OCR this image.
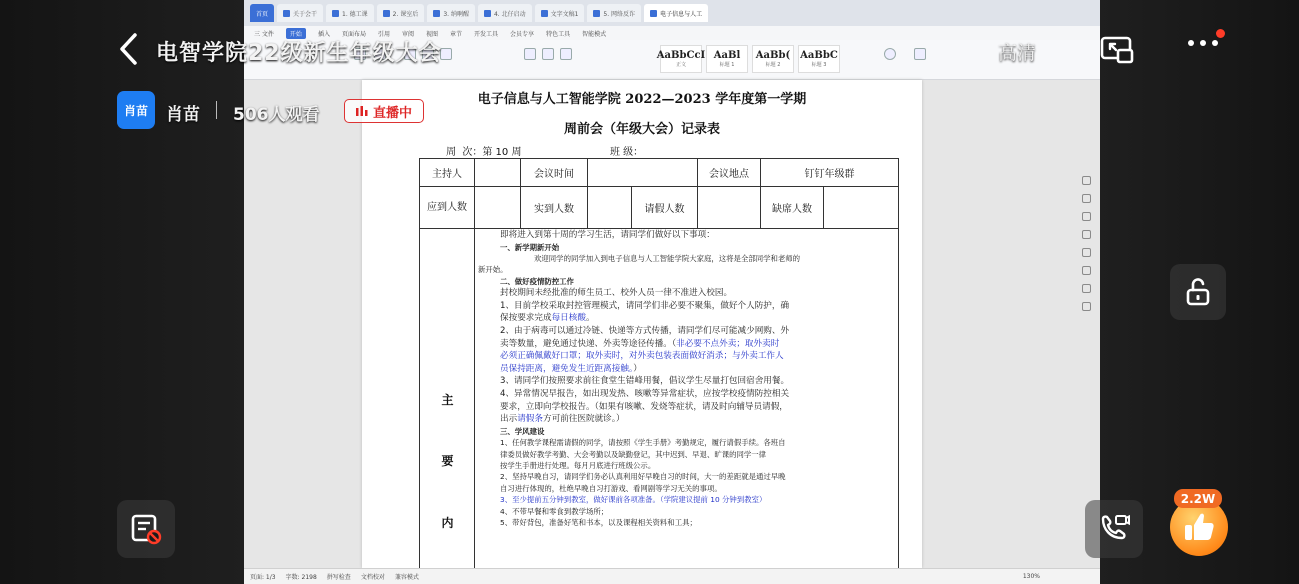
首页	关于会干	1. 德工课	2. 课室后	3. 纳啊醒	4. 北仔启动	文字文稿1	5. 网络反诈	电子信息与人工
三 文件	开始	插入 页面布局 引用 审阅 视图 章节 开发工具 会员专享 特色工具 智能模式
AaBbCcI
正文
AaBl
标题 1
AaBb(
标题 2
AaBbC
标题 3
电子信息与人工智能学院 2022—2023 学年度第一学期
周前会（年级大会）记录表
周  次：第 10 周	班 级：
主持人		会议时间		会议地点	钉钉年级群
应到人数		实到人数		请假人数		缺席人数	
主
要
内

即将进入到第十周的学习生活，请同学们做好以下事项：

一、新学期新开始

欢迎同学的同学加入到电子信息与人工智能学院大家庭，这将是全部同学和老师的

新开始。

二、做好疫情防控工作

封校期间未经批准的师生员工、校外人员一律不准进入校园。

1、目前学校采取封控管理模式，请同学们非必要不聚集，做好个人防护，确

保按要求完成每日核酸。

2、由于病毒可以通过冷链、快递等方式传播，请同学们尽可能减少网购、外

卖等数量，避免通过快递、外卖等途径传播。（非必要不点外卖；取外卖时

必须正确佩戴好口罩；取外卖时，对外卖包装表面做好消杀；与外卖工作人

员保持距离，避免发生近距离接触。）

3、请同学们按照要求前往食堂生错峰用餐，倡议学生尽量打包回宿舍用餐。

4、异常情况早报告，如出现发热、咳嗽等异常症状，应按学校疫情防控相关

要求，立即向学校报告。（如果有咳嗽、发烧等症状，请及时向辅导员请假，

出示请假条方可前往医院就诊。）

三、学风建设

1、任何教学课程需请假的同学，请按照《学生手册》考勤规定，履行请假手续。各班自

律委员做好教学考勤、大会考勤以及缺勤登记，其中迟到、早退、旷课的同学一律

按学生手册进行处理。每月月底进行班级公示。

2、坚持早晚自习，请同学们务必认真利用好早晚自习的时间，大一的差距就是通过早晚

自习进行体现的，杜绝早晚自习打游戏、看网剧等学习无关的事项。

3、至少提前五分钟到教室，做好课前各项准备。（学院建议提前 10 分钟到教室）

4、不带早餐和零食到教学场所；

5、带好背包，准备好笔和书本，以及课程相关资料和工具；

页面: 1/3 字数: 2198 拼写检查 文档校对 兼容模式	130%
电智学院22级新生年级大会	高清
肖苗	肖苗 506人观看	直播中
2.2W
